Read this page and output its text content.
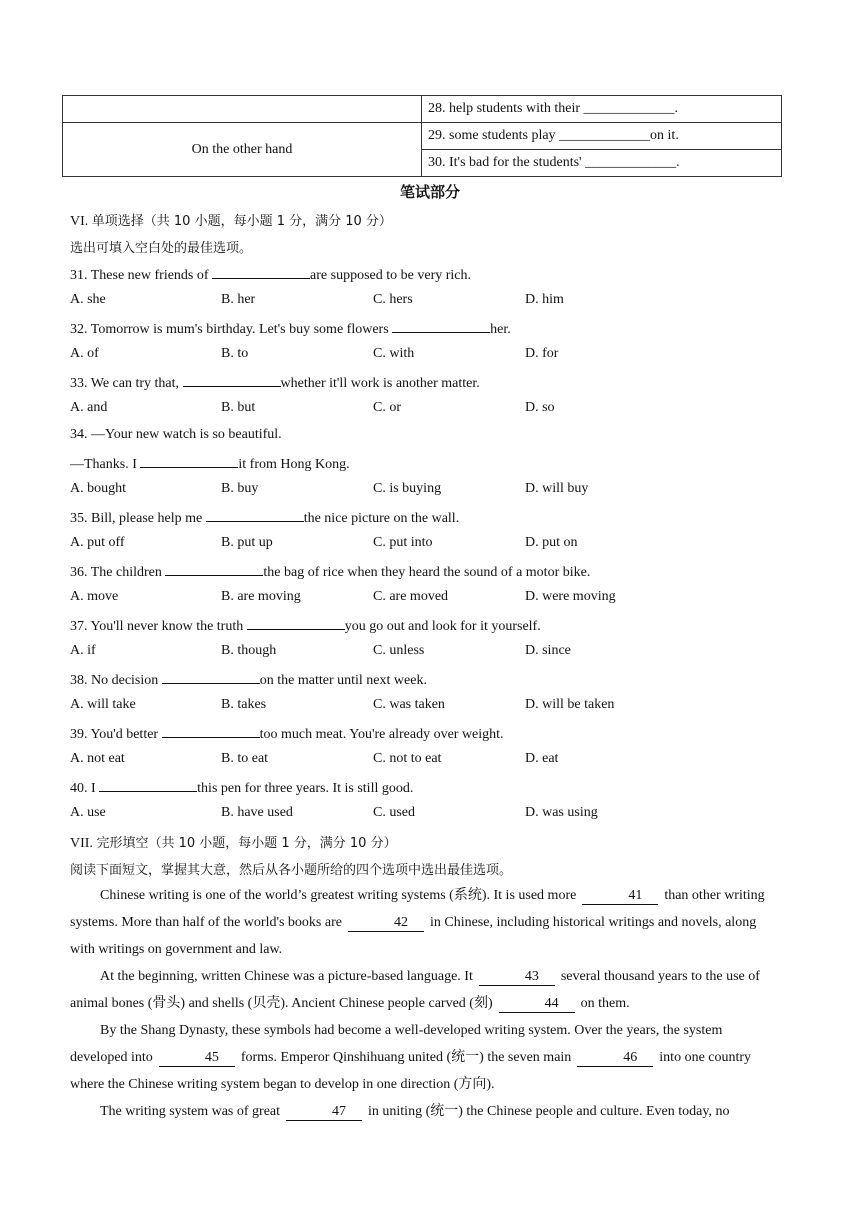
	28. help students with their _____________.
On the other hand	29. some students play _____________on it.
	30. It's bad for the students' _____________.
笔试部分
VI. 单项选择（共 10 小题，每小题 1 分，满分 10 分）
选出可填入空白处的最佳选项。
31. These new friends of	are supposed to be very rich.
A. she	B. her	C. hers	D. him
32. Tomorrow is mum's birthday. Let's buy some flowers	her.
A. of	B. to	C. with	D. for
33. We can try that,	whether it'll work is another matter.
A. and	B. but	C. or	D. so
34. —Your new watch is so beautiful.
—Thanks. I	it from Hong Kong.
A. bought	B. buy	C. is buying	D. will buy
35. Bill, please help me	the nice picture on the wall.
A. put off	B. put up	C. put into	D. put on
36. The children	the bag of rice when they heard the sound of a motor bike.
A. move	B. are moving	C. are moved	D. were moving
37. You'll never know the truth	you go out and look for it yourself.
A. if	B. though	C. unless	D. since
38. No decision	on the matter until next week.
A. will take	B. takes	C. was taken	D. will be taken
39. You'd better	too much meat. You're already over weight.
A. not eat	B. to eat	C. not to eat	D. eat
40. I	this pen for three years. It is still good.
A. use	B. have used	C. used	D. was using
VII. 完形填空（共 10 小题，每小题 1 分，满分 10 分）
阅读下面短文，掌握其大意，然后从各小题所给的四个选项中选出最佳选项。
Chinese writing is one of the world’s greatest writing systems (系统). It is used more	41 than other writing systems. More than half of the world's books are	42 in Chinese, including historical writings and novels, along with writings on government and law.
At the beginning, written Chinese was a picture-based language. It	43 several thousand years to the use of animal bones (骨头) and shells (贝壳). Ancient Chinese people carved (刻)	44 on them.
By the Shang Dynasty, these symbols had become a well-developed writing system. Over the years, the system developed into	45 forms. Emperor Qinshihuang united (统一) the seven main	46 into one country where the Chinese writing system began to develop in one direction (方向).
The writing system was of great	47 in uniting (统一) the Chinese people and culture. Even today, no
